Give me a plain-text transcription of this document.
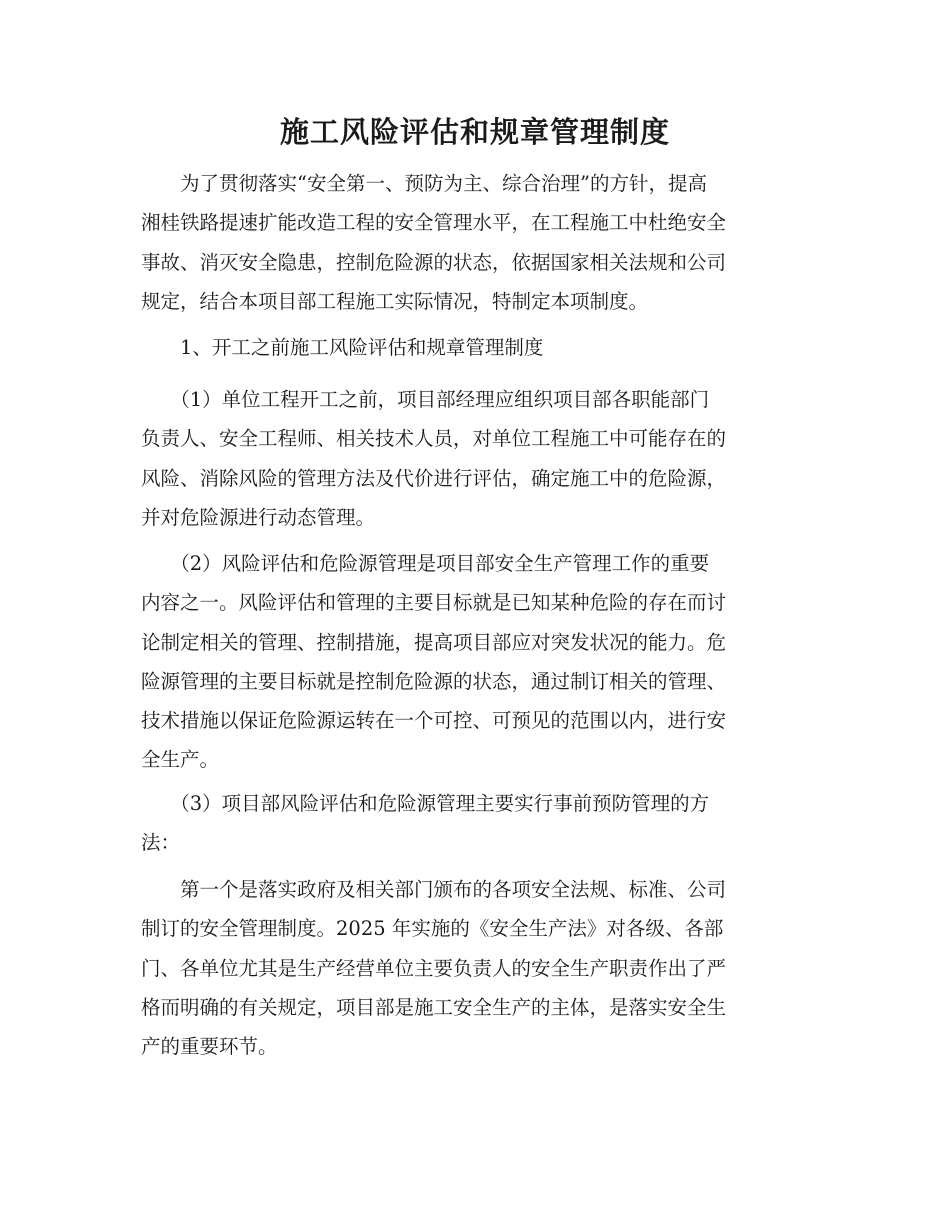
施工风险评估和规章管理制度

　　为了贯彻落实“安全第一、预防为主、综合治理”的方针，提高
湘桂铁路提速扩能改造工程的安全管理水平，在工程施工中杜绝安全
事故、消灭安全隐患，控制危险源的状态，依据国家相关法规和公司
规定，结合本项目部工程施工实际情况，特制定本项制度。

　　1、开工之前施工风险评估和规章管理制度

　　（1）单位工程开工之前，项目部经理应组织项目部各职能部门
负责人、安全工程师、相关技术人员，对单位工程施工中可能存在的
风险、消除风险的管理方法及代价进行评估，确定施工中的危险源，
并对危险源进行动态管理。

　　（2）风险评估和危险源管理是项目部安全生产管理工作的重要
内容之一。风险评估和管理的主要目标就是已知某种危险的存在而讨
论制定相关的管理、控制措施，提高项目部应对突发状况的能力。危
险源管理的主要目标就是控制危险源的状态，通过制订相关的管理、
技术措施以保证危险源运转在一个可控、可预见的范围以内，进行安
全生产。

　　（3）项目部风险评估和危险源管理主要实行事前预防管理的方
法：

　　第一个是落实政府及相关部门颁布的各项安全法规、标准、公司
制订的安全管理制度。2025 年实施的《安全生产法》对各级、各部
门、各单位尤其是生产经营单位主要负责人的安全生产职责作出了严
格而明确的有关规定，项目部是施工安全生产的主体，是落实安全生
产的重要环节。
